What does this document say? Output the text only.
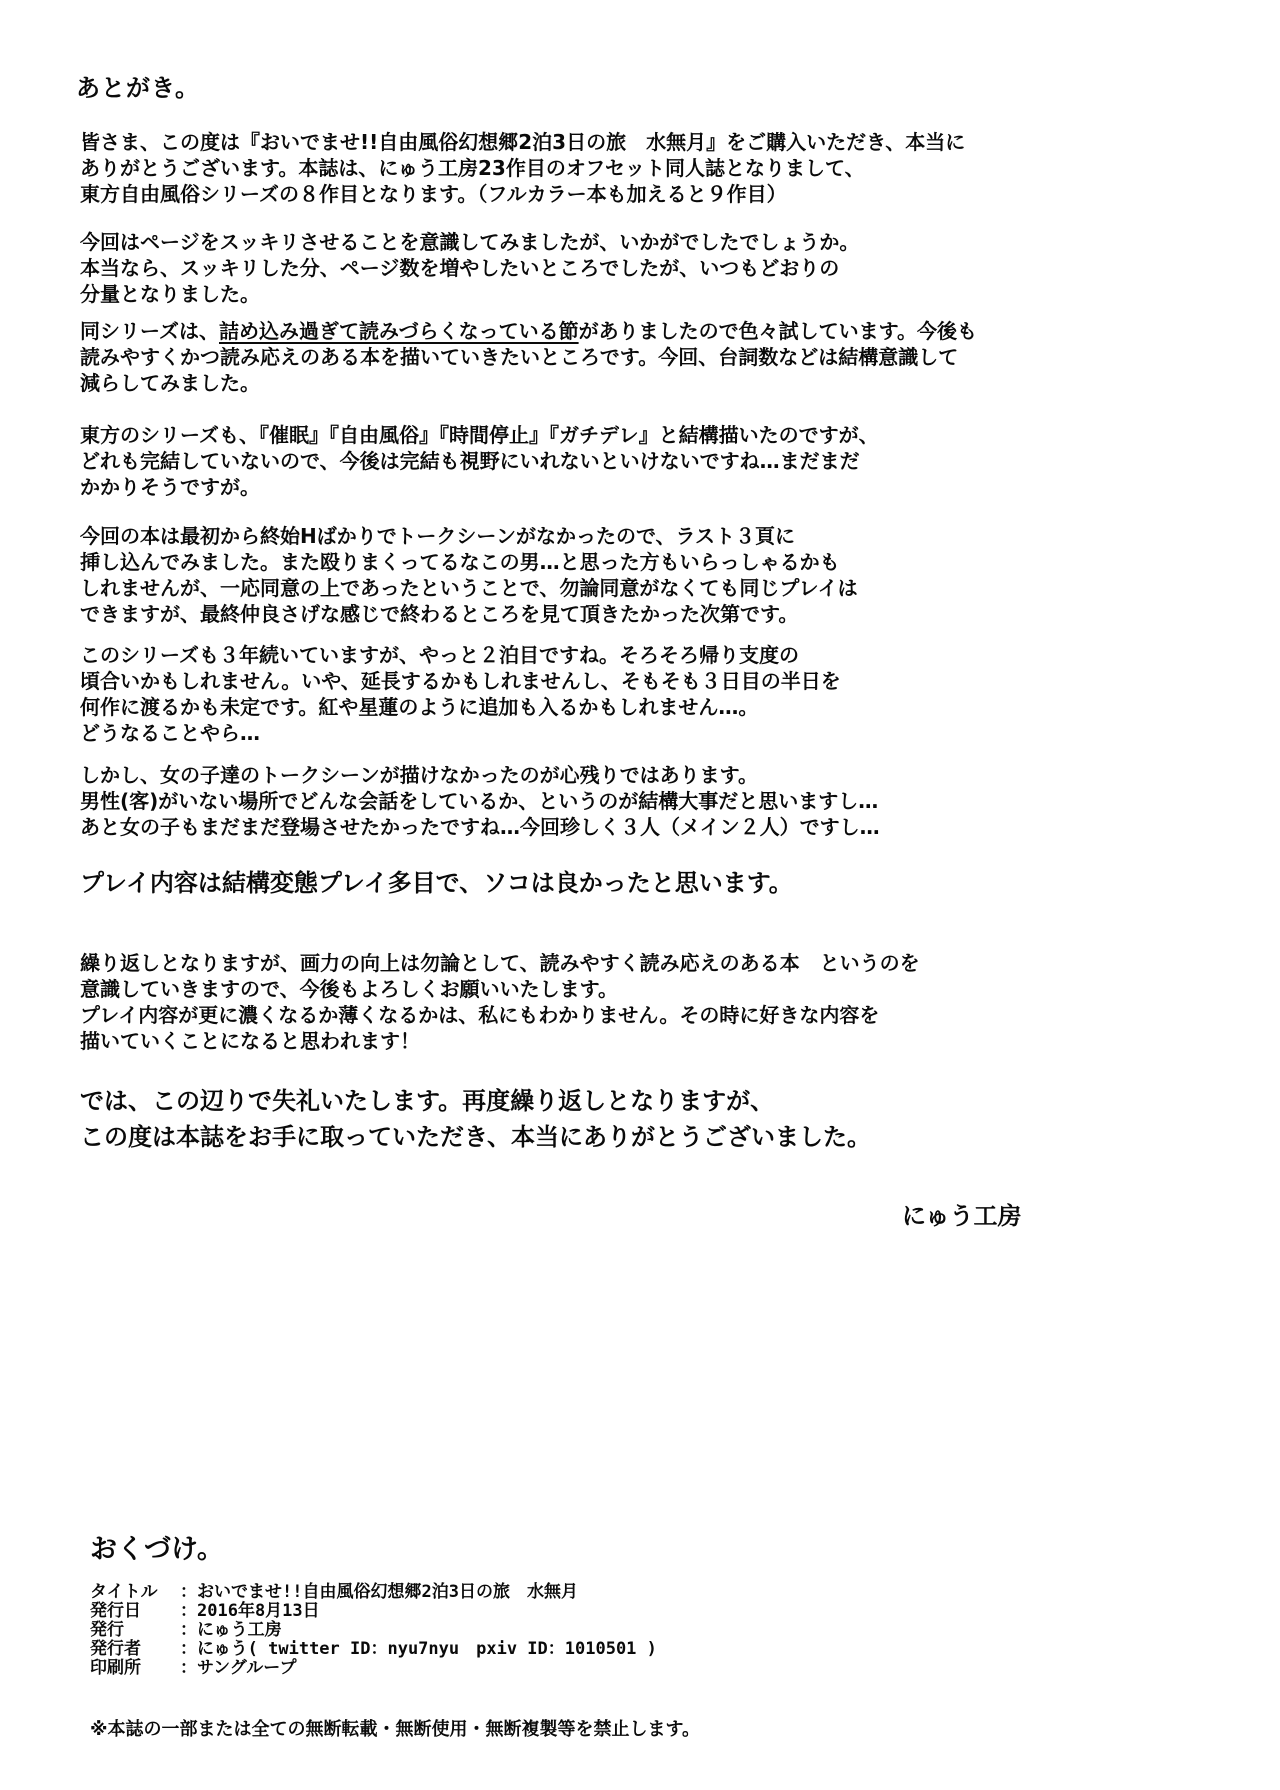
あとがき。
皆さま、この度は『おいでませ!!自由風俗幻想郷2泊3日の旅　水無月』をご購入いただき、本当に
ありがとうございます。本誌は、にゅう工房23作目のオフセット同人誌となりまして、
東方自由風俗シリーズの８作目となります。（フルカラー本も加えると９作目）
今回はページをスッキリさせることを意識してみましたが、いかがでしたでしょうか。
本当なら、スッキリした分、ページ数を増やしたいところでしたが、いつもどおりの
分量となりました。
同シリーズは、詰め込み過ぎて読みづらくなっている節がありましたので色々試しています。今後も
読みやすくかつ読み応えのある本を描いていきたいところです。今回、台詞数などは結構意識して
減らしてみました。
東方のシリーズも、『催眠』『自由風俗』『時間停止』『ガチデレ』と結構描いたのですが、
どれも完結していないので、今後は完結も視野にいれないといけないですね…まだまだ
かかりそうですが。
今回の本は最初から終始Hばかりでトークシーンがなかったので、ラスト３頁に
挿し込んでみました。また殴りまくってるなこの男…と思った方もいらっしゃるかも
しれませんが、一応同意の上であったということで、勿論同意がなくても同じプレイは
できますが、最終仲良さげな感じで終わるところを見て頂きたかった次第です。
このシリーズも３年続いていますが、やっと２泊目ですね。そろそろ帰り支度の
頃合いかもしれません。いや、延長するかもしれませんし、そもそも３日目の半日を
何作に渡るかも未定です。紅や星蓮のように追加も入るかもしれません…。
どうなることやら…
しかし、女の子達のトークシーンが描けなかったのが心残りではあります。
男性(客)がいない場所でどんな会話をしているか、というのが結構大事だと思いますし…
あと女の子もまだまだ登場させたかったですね…今回珍しく３人（メイン２人）ですし…
プレイ内容は結構変態プレイ多目で、ソコは良かったと思います。
繰り返しとなりますが、画力の向上は勿論として、読みやすく読み応えのある本　というのを
意識していきますので、今後もよろしくお願いいたします。
プレイ内容が更に濃くなるか薄くなるかは、私にもわかりません。その時に好きな内容を
描いていくことになると思われます！
では、この辺りで失礼いたします。再度繰り返しとなりますが、
この度は本誌をお手に取っていただき、本当にありがとうございました。
にゅう工房
おくづけ。
タイトル ：おいでませ!!自由風俗幻想郷2泊3日の旅　水無月
発行日 ：2016年8月13日
発行	：にゅう工房
発行者 ：にゅう( twitter ID：nyu7nyu　pxiv ID：1010501 )
印刷所 ：サングループ
※本誌の一部または全ての無断転載・無断使用・無断複製等を禁止します。
